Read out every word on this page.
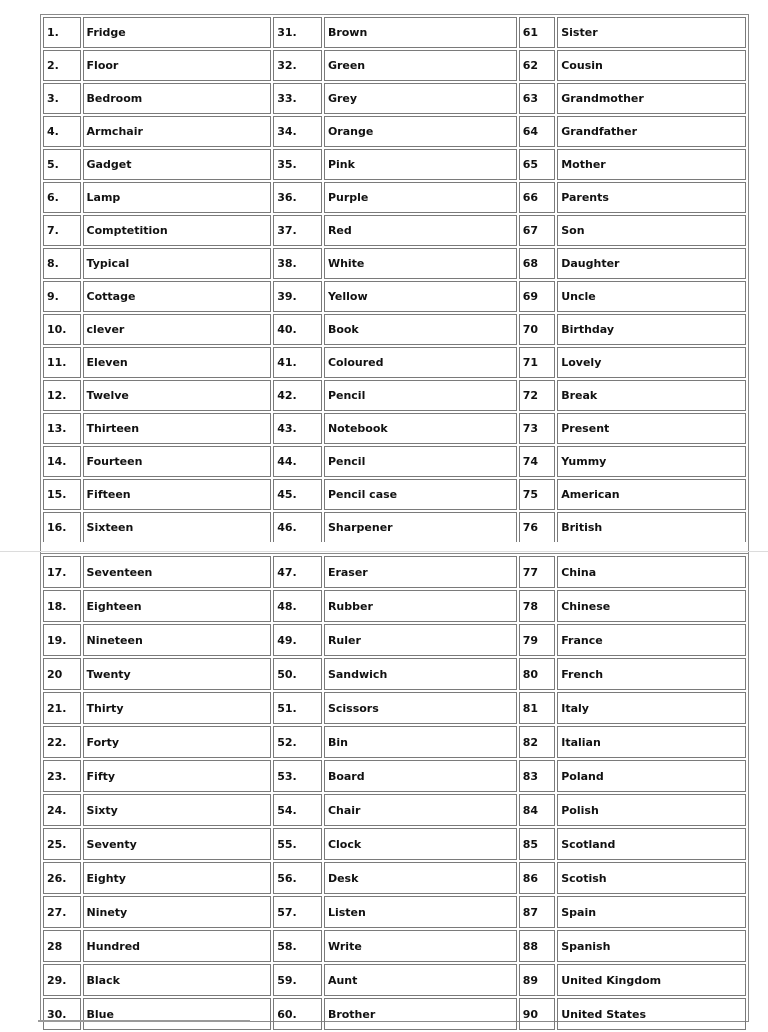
1.	Fridge	31.	Brown	61	Sister
2.	Floor	32.	Green	62	Cousin
3.	Bedroom	33.	Grey	63	Grandmother
4.	Armchair	34.	Orange	64	Grandfather
5.	Gadget	35.	Pink	65	Mother
6.	Lamp	36.	Purple	66	Parents
7.	Comptetition	37.	Red	67	Son
8.	Typical	38.	White	68	Daughter
9.	Cottage	39.	Yellow	69	Uncle
10.	clever	40.	Book	70	Birthday
11.	Eleven	41.	Coloured	71	Lovely
12.	Twelve	42.	Pencil	72	Break
13.	Thirteen	43.	Notebook	73	Present
14.	Fourteen	44.	Pencil	74	Yummy
15.	Fifteen	45.	Pencil case	75	American
16.	Sixteen	46.	Sharpener	76	British
17.	Seventeen	47.	Eraser	77	China
18.	Eighteen	48.	Rubber	78	Chinese
19.	Nineteen	49.	Ruler	79	France
20	Twenty	50.	Sandwich	80	French
21.	Thirty	51.	Scissors	81	Italy
22.	Forty	52.	Bin	82	Italian
23.	Fifty	53.	Board	83	Poland
24.	Sixty	54.	Chair	84	Polish
25.	Seventy	55.	Clock	85	Scotland
26.	Eighty	56.	Desk	86	Scotish
27.	Ninety	57.	Listen	87	Spain
28	Hundred	58.	Write	88	Spanish
29.	Black	59.	Aunt	89	United Kingdom
30.	Blue	60.	Brother	90	United States
